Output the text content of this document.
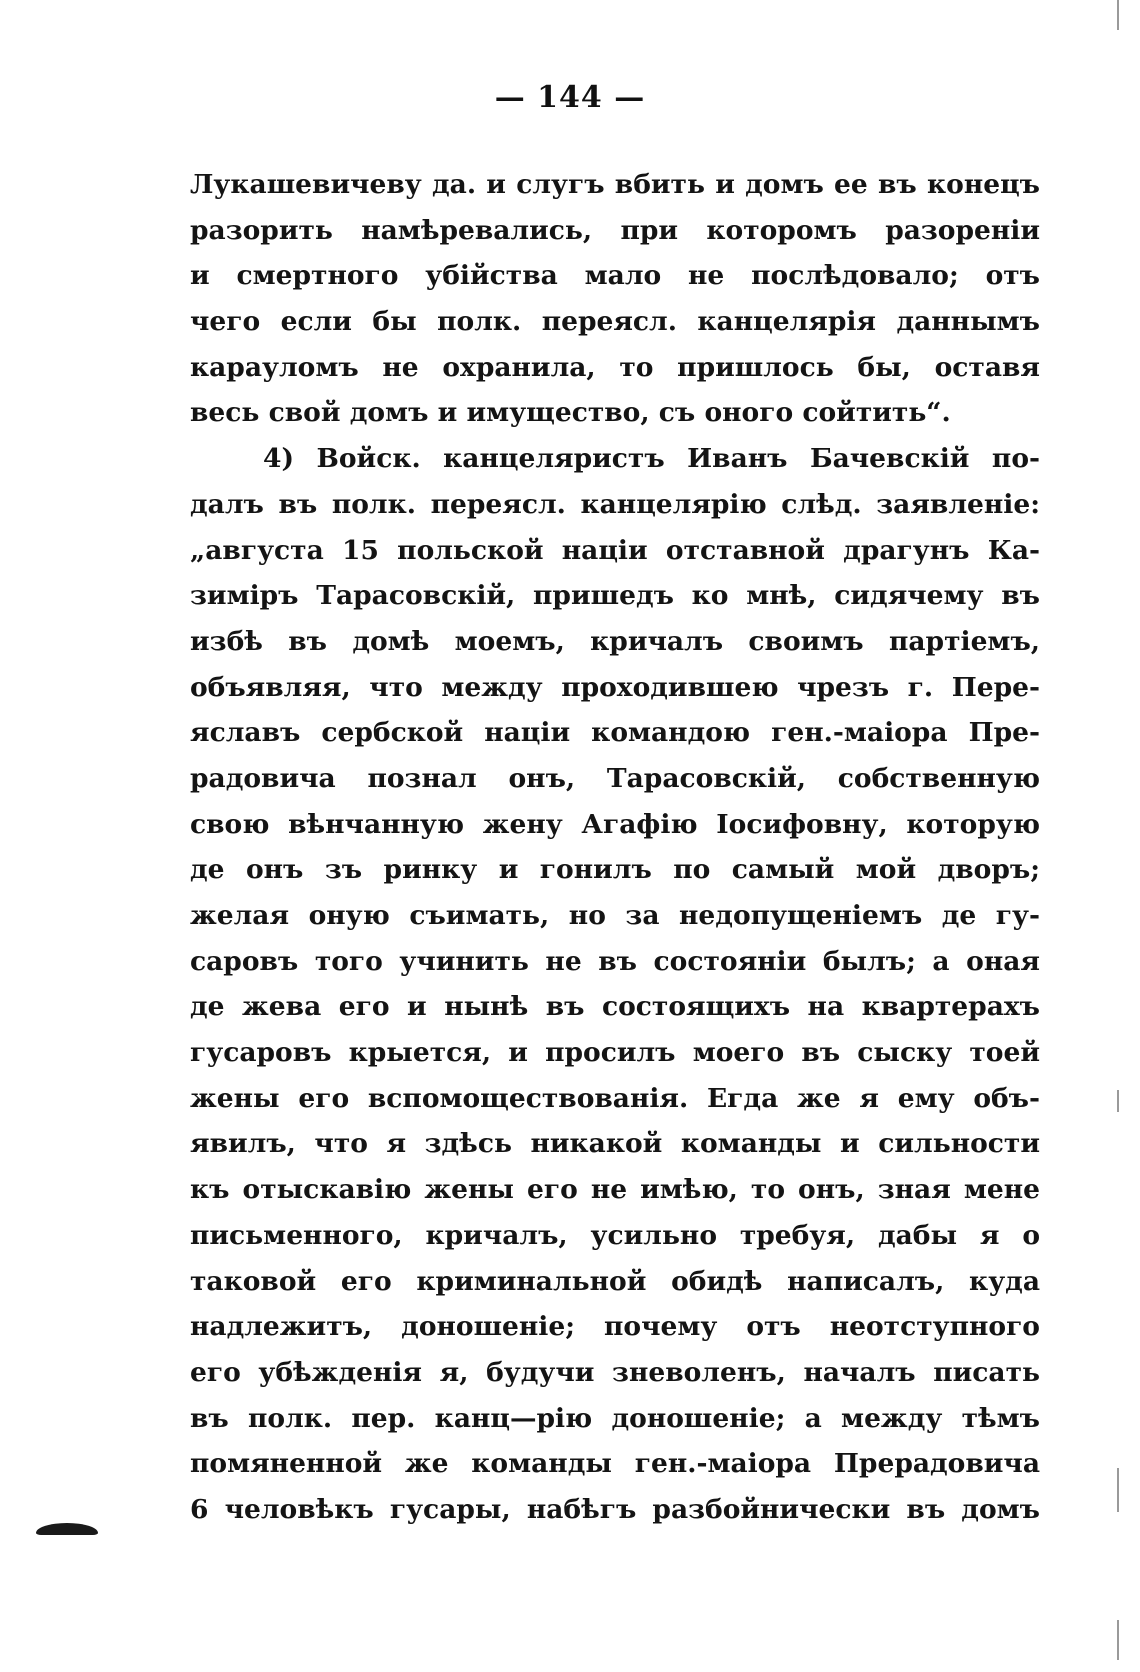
— 144 —
Лукашевичеву да. и слугъ вбить и домъ ее въ конецъ
разорить намѣревались, при которомъ разореніи
и смертного убійства мало не послѣдовало; отъ
чего если бы полк. переясл. канцелярія даннымъ
карауломъ не охранила, то пришлось бы, оставя
весь свой домъ и имущество, съ оного сойтить“.
4) Войск. канцеляристъ Иванъ Бачевскій по-
далъ въ полк. переясл. канцелярію слѣд. заявленіе:
„августа 15 польской націи отставной драгунъ Ка-
зиміръ Тарасовскій, пришедъ ко мнѣ, сидячему въ
избѣ въ домѣ моемъ, кричалъ своимъ партіемъ,
объявляя, что между проходившею чрезъ г. Пере-
яславъ сербской націи командою ген.-маіора Пре-
радовича познал онъ, Тарасовскій, собственную
свою вѣнчанную жену Агафію Іосифовну, которую
де онъ зъ ринку и гонилъ по самый мой дворъ;
желая оную съимать, но за недопущеніемъ де гу-
саровъ того учинить не въ состояніи былъ; а оная
де жева его и нынѣ въ состоящихъ на квартерахъ
гусаровъ крыется, и просилъ моего въ сыску тоей
жены его вспомоществованія. Егда же я ему объ-
явилъ, что я здѣсь никакой команды и сильности
къ отыскавію жены его не имѣю, то онъ, зная мене
письменного, кричалъ, усильно требуя, дабы я о
таковой его криминальной обидѣ написалъ, куда
надлежитъ, доношеніе; почему отъ неотступного
его убѣжденія я, будучи зневоленъ, началъ писать
въ полк. пер. канц—рію доношеніе; а между тѣмъ
помяненной же команды ген.-маіора Прерадовича
6 человѣкъ гусары, набѣгъ разбойнически въ домъ
